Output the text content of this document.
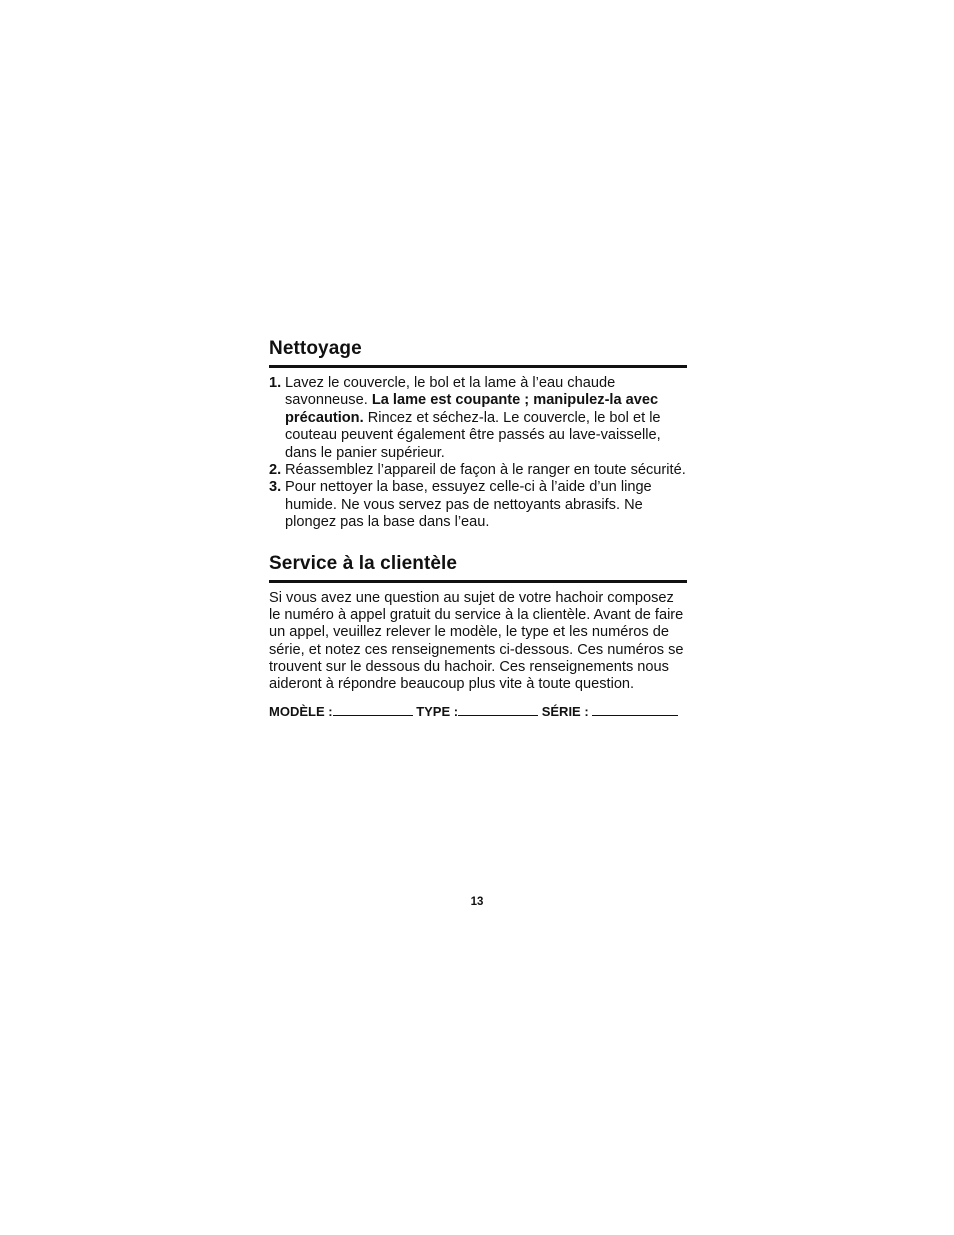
Nettoyage
1. Lavez le couvercle, le bol et la lame à l’eau chaude savonneuse. La lame est coupante ; manipulez-la avec précaution. Rincez et séchez-la. Le couvercle, le bol et le couteau peuvent également être passés au lave-vaisselle, dans le panier supérieur.
2. Réassemblez l’appareil de façon à le ranger en toute sécurité.
3. Pour nettoyer la base, essuyez celle-ci à l’aide d’un linge humide. Ne vous servez pas de nettoyants abrasifs. Ne plongez pas la base dans l’eau.
Service à la clientèle

Si vous avez une question au sujet de votre hachoir composez le numéro à appel gratuit du service à la clientèle. Avant de faire un appel, veuillez relever le modèle, le type et les numéros de série, et notez ces renseignements ci-dessous. Ces numéros se trouvent sur le dessous du hachoir. Ces renseignements nous aideront à répondre beaucoup plus vite à toute question.

MODÈLE :	TYPE :	SÉRIE :
13
